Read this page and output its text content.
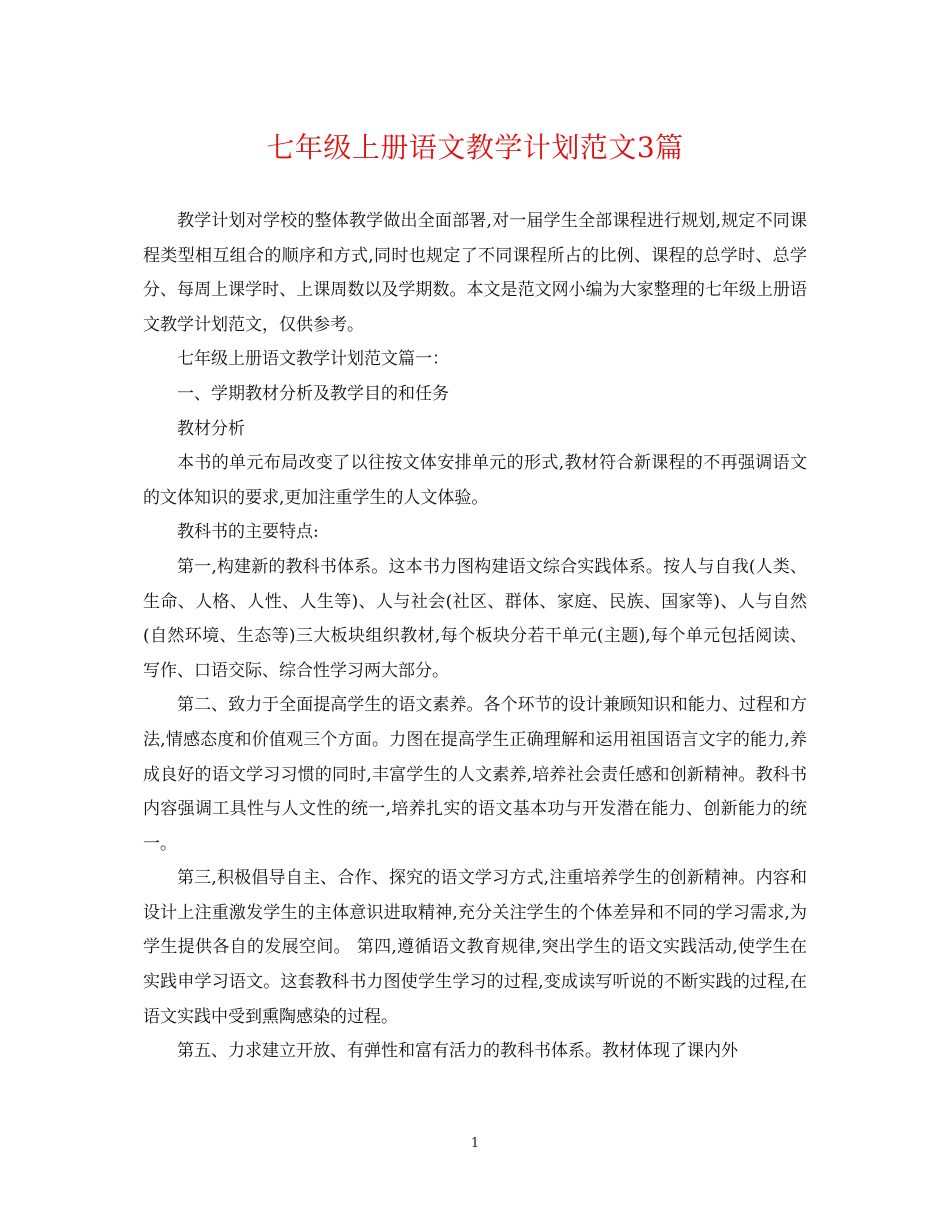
七年级上册语文教学计划范文3篇

教学计划对学校的整体教学做出全面部署,对一届学生全部课程进行规划,规定不同课程类型相互组合的顺序和方式,同时也规定了不同课程所占的比例、课程的总学时、总学分、每周上课学时、上课周数以及学期数。本文是范文网小编为大家整理的七年级上册语文教学计划范文，仅供参考。

七年级上册语文教学计划范文篇一：

一、学期教材分析及教学目的和任务

教材分析

本书的单元布局改变了以往按文体安排单元的形式,教材符合新课程的不再强调语文的文体知识的要求,更加注重学生的人文体验。

教科书的主要特点:

第一,构建新的教科书体系。这本书力图构建语文综合实践体系。按人与自我(人类、生命、人格、人性、人生等)、人与社会(社区、群体、家庭、民族、国家等)、人与自然(自然环境、生态等)三大板块组织教材,每个板块分若干单元(主题),每个单元包括阅读、写作、口语交际、综合性学习两大部分。

第二、致力于全面提高学生的语文素养。各个环节的设计兼顾知识和能力、过程和方法,情感态度和价值观三个方面。力图在提高学生正确理解和运用祖国语言文字的能力,养成良好的语文学习习惯的同时,丰富学生的人文素养,培养社会责任感和创新精神。教科书内容强调工具性与人文性的统一,培养扎实的语文基本功与开发潜在能力、创新能力的统一。

第三,积极倡导自主、合作、探究的语文学习方式,注重培养学生的创新精神。内容和设计上注重激发学生的主体意识进取精神,充分关注学生的个体差异和不同的学习需求,为学生提供各自的发展空间。 第四,遵循语文教育规律,突出学生的语文实践活动,使学生在实践申学习语文。这套教科书力图使学生学习的过程,变成读写听说的不断实践的过程,在语文实践中受到熏陶感染的过程。

第五、力求建立开放、有弹性和富有活力的教科书体系。教材体现了课内外

1
